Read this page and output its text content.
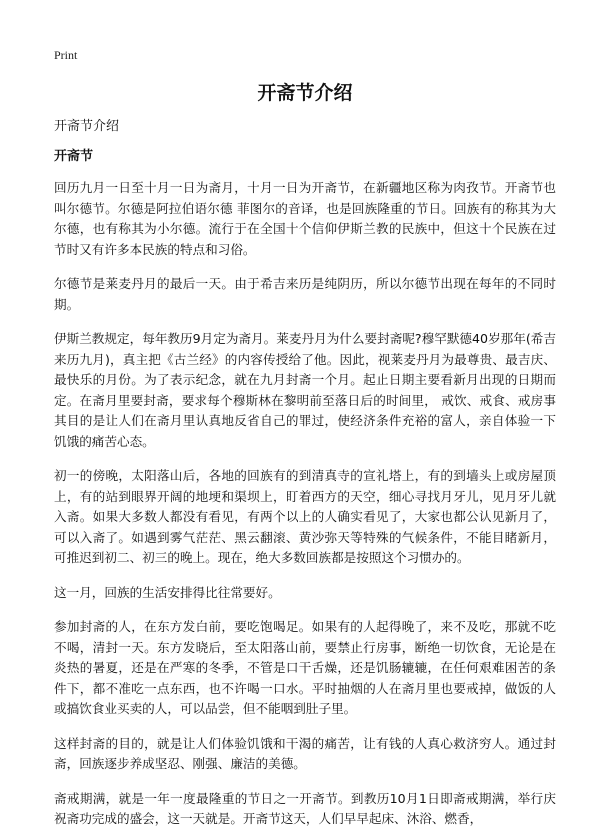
Print
开斋节介绍
开斋节介绍
开斋节

回历九月一日至十月一日为斋月，十月一日为开斋节，在新疆地区称为肉孜节。开斋节也叫尔德节。尔德是阿拉伯语尔德 菲图尔的音译，也是回族隆重的节日。回族有的称其为大尔德，也有称其为小尔德。流行于在全国十个信仰伊斯兰教的民族中，但这十个民族在过节时又有许多本民族的特点和习俗。

尔德节是莱麦丹月的最后一天。由于希吉来历是纯阴历，所以尔德节出现在每年的不同时期。

伊斯兰教规定，每年教历9月定为斋月。莱麦丹月为什么要封斋呢?穆罕默德40岁那年(希吉来历九月)，真主把《古兰经》的内容传授给了他。因此，视莱麦丹月为最尊贵、最吉庆、最快乐的月份。为了表示纪念，就在九月封斋一个月。起止日期主要看新月出现的日期而定。在斋月里要封斋，要求每个穆斯林在黎明前至落日后的时间里， 戒饮、戒食、戒房事其目的是让人们在斋月里认真地反省自己的罪过，使经济条件充裕的富人，亲自体验一下饥饿的痛苦心态。

初一的傍晚，太阳落山后，各地的回族有的到清真寺的宣礼塔上，有的到墙头上或房屋顶上，有的站到眼界开阔的地埂和渠坝上，盯着西方的天空，细心寻找月牙儿，见月牙儿就入斋。如果大多数人都没有看见，有两个以上的人确实看见了，大家也都公认见新月了，可以入斋了。如遇到雾气茫茫、黑云翻滚、黄沙弥天等特殊的气候条件，不能目睹新月，可推迟到初二、初三的晚上。现在，绝大多数回族都是按照这个习惯办的。

这一月，回族的生活安排得比往常要好。

参加封斋的人，在东方发白前，要吃饱喝足。如果有的人起得晚了，来不及吃，那就不吃不喝，清封一天。东方发晓后，至太阳落山前，要禁止行房事，断绝一切饮食，无论是在炎热的暑夏，还是在严寒的冬季，不管是口干舌燥，还是饥肠辘辘，在任何艰难困苦的条件下，都不准吃一点东西，也不许喝一口水。平时抽烟的人在斋月里也要戒掉，做饭的人或搞饮食业买卖的人，可以品尝，但不能咽到肚子里。

这样封斋的目的，就是让人们体验饥饿和干渴的痛苦，让有钱的人真心救济穷人。通过封斋，回族逐步养成坚忍、刚强、廉洁的美德。

斋戒期满，就是一年一度最隆重的节日之一开斋节。到教历10月1日即斋戒期满，举行庆祝斋功完成的盛会，这一天就是。开斋节这天，人们早早起床、沐浴、燃香，
